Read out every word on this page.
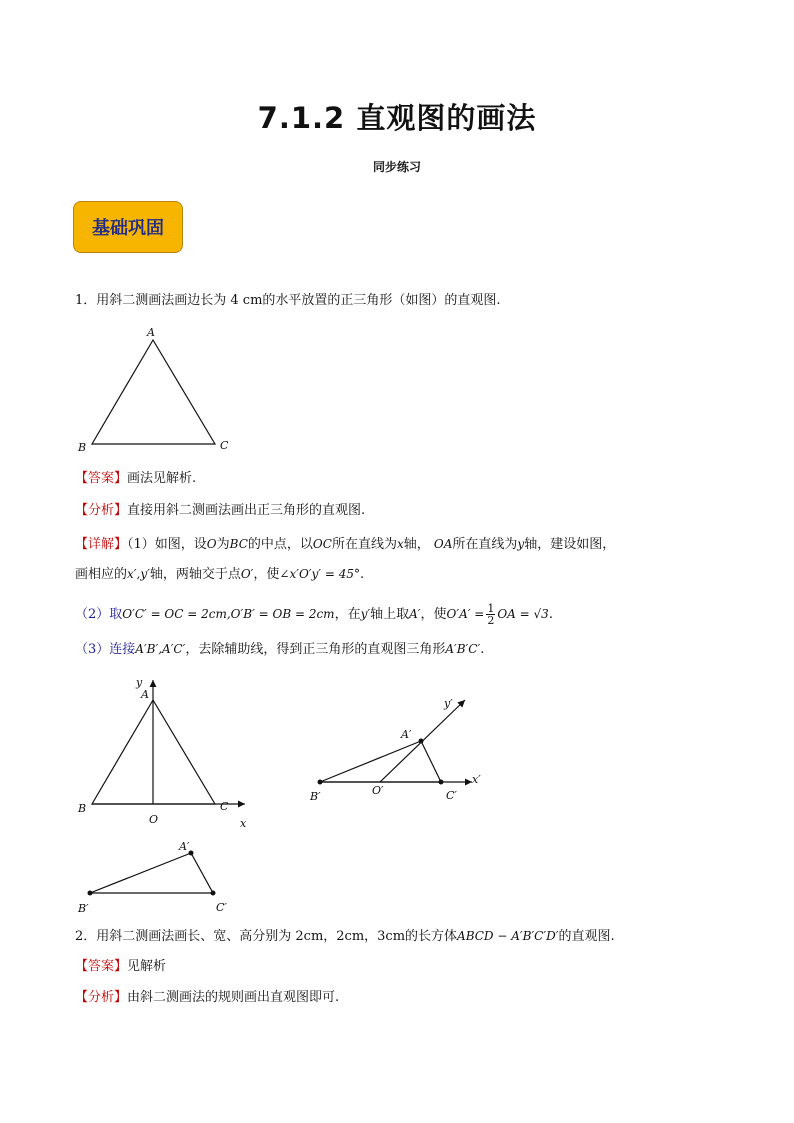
7.1.2 直观图的画法
同步练习
基础巩固
1．用斜二测画法画边长为 4 cm的水平放置的正三角形（如图）的直观图.
A
B	C
【答案】画法见解析.
【分析】直接用斜二测画法画出正三角形的直观图.
【详解】（1）如图，设O为BC的中点，以OC所在直线为x轴， OA所在直线为y轴，建设如图，
画相应的x′,y′轴，两轴交于点O′，使∠x′O′y′ = 45°.
（2）取O′C′ = OC = 2cm,O′B′ = OB = 2cm，在y′轴上取A′，使$O'A' = \frac{1}{2}$ OA = √3.
（3）连接A′B′,A′C′，去除辅助线，得到正三角形的直观图三角形A′B′C′.
y
A
B	C
O	x
y′
A′
B′	O′	C′
x′
A′
B′	C′
2．用斜二测画法画长、宽、高分别为 2cm，2cm，3cm的长方体ABCD − A′B′C′D′的直观图.
【答案】见解析
【分析】由斜二测画法的规则画出直观图即可.
